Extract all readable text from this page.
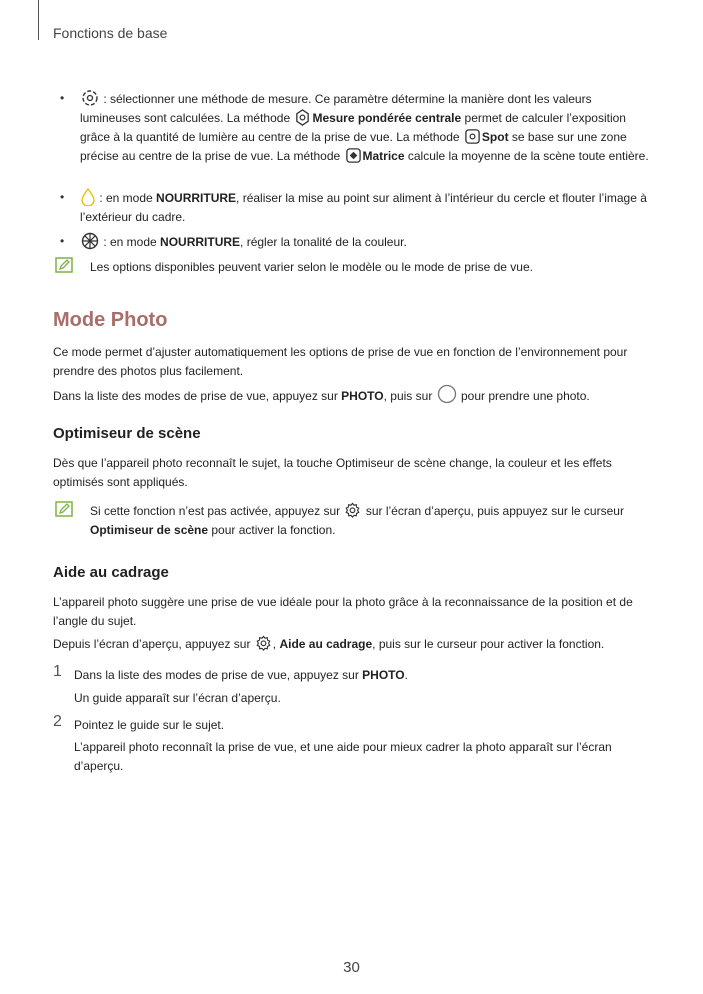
Fonctions de base
•	: sélectionner une méthode de mesure. Ce paramètre détermine la manière dont les valeurs lumineuses sont calculées. La méthode Mesure pondérée centrale permet de calculer l’exposition grâce à la quantité de lumière au centre de la prise de vue. La méthode Spot se base sur une zone précise au centre de la prise de vue. La méthode Matrice calcule la moyenne de la scène toute entière.

•	: en mode NOURRITURE, réaliser la mise au point sur aliment à l’intérieur du cercle et flouter l’image à l’extérieur du cadre.

•	: en mode NOURRITURE, régler la tonalité de la couleur.

Les options disponibles peuvent varier selon le modèle ou le mode de prise de vue.
Mode Photo
Ce mode permet d’ajuster automatiquement les options de prise de vue en fonction de l’environnement pour prendre des photos plus facilement.

Dans la liste des modes de prise de vue, appuyez sur PHOTO, puis sur  pour prendre une photo.

Optimiseur de scène
Dès que l’appareil photo reconnaît le sujet, la touche Optimiseur de scène change, la couleur et les effets optimisés sont appliqués.

Si cette fonction n’est pas activée, appuyez sur  sur l’écran d’aperçu, puis appuyez sur le curseur Optimiseur de scène pour activer la fonction.

Aide au cadrage
L’appareil photo suggère une prise de vue idéale pour la photo grâce à la reconnaissance de la position et de l’angle du sujet.

Depuis l’écran d’aperçu, appuyez sur , Aide au cadrage, puis sur le curseur pour activer la fonction.

1 Dans la liste des modes de prise de vue, appuyez sur PHOTO.

Un guide apparaît sur l’écran d’aperçu.
2 Pointez le guide sur le sujet.

L’appareil photo reconnaît la prise de vue, et une aide pour mieux cadrer la photo apparaît sur l’écran d’aperçu.
30
